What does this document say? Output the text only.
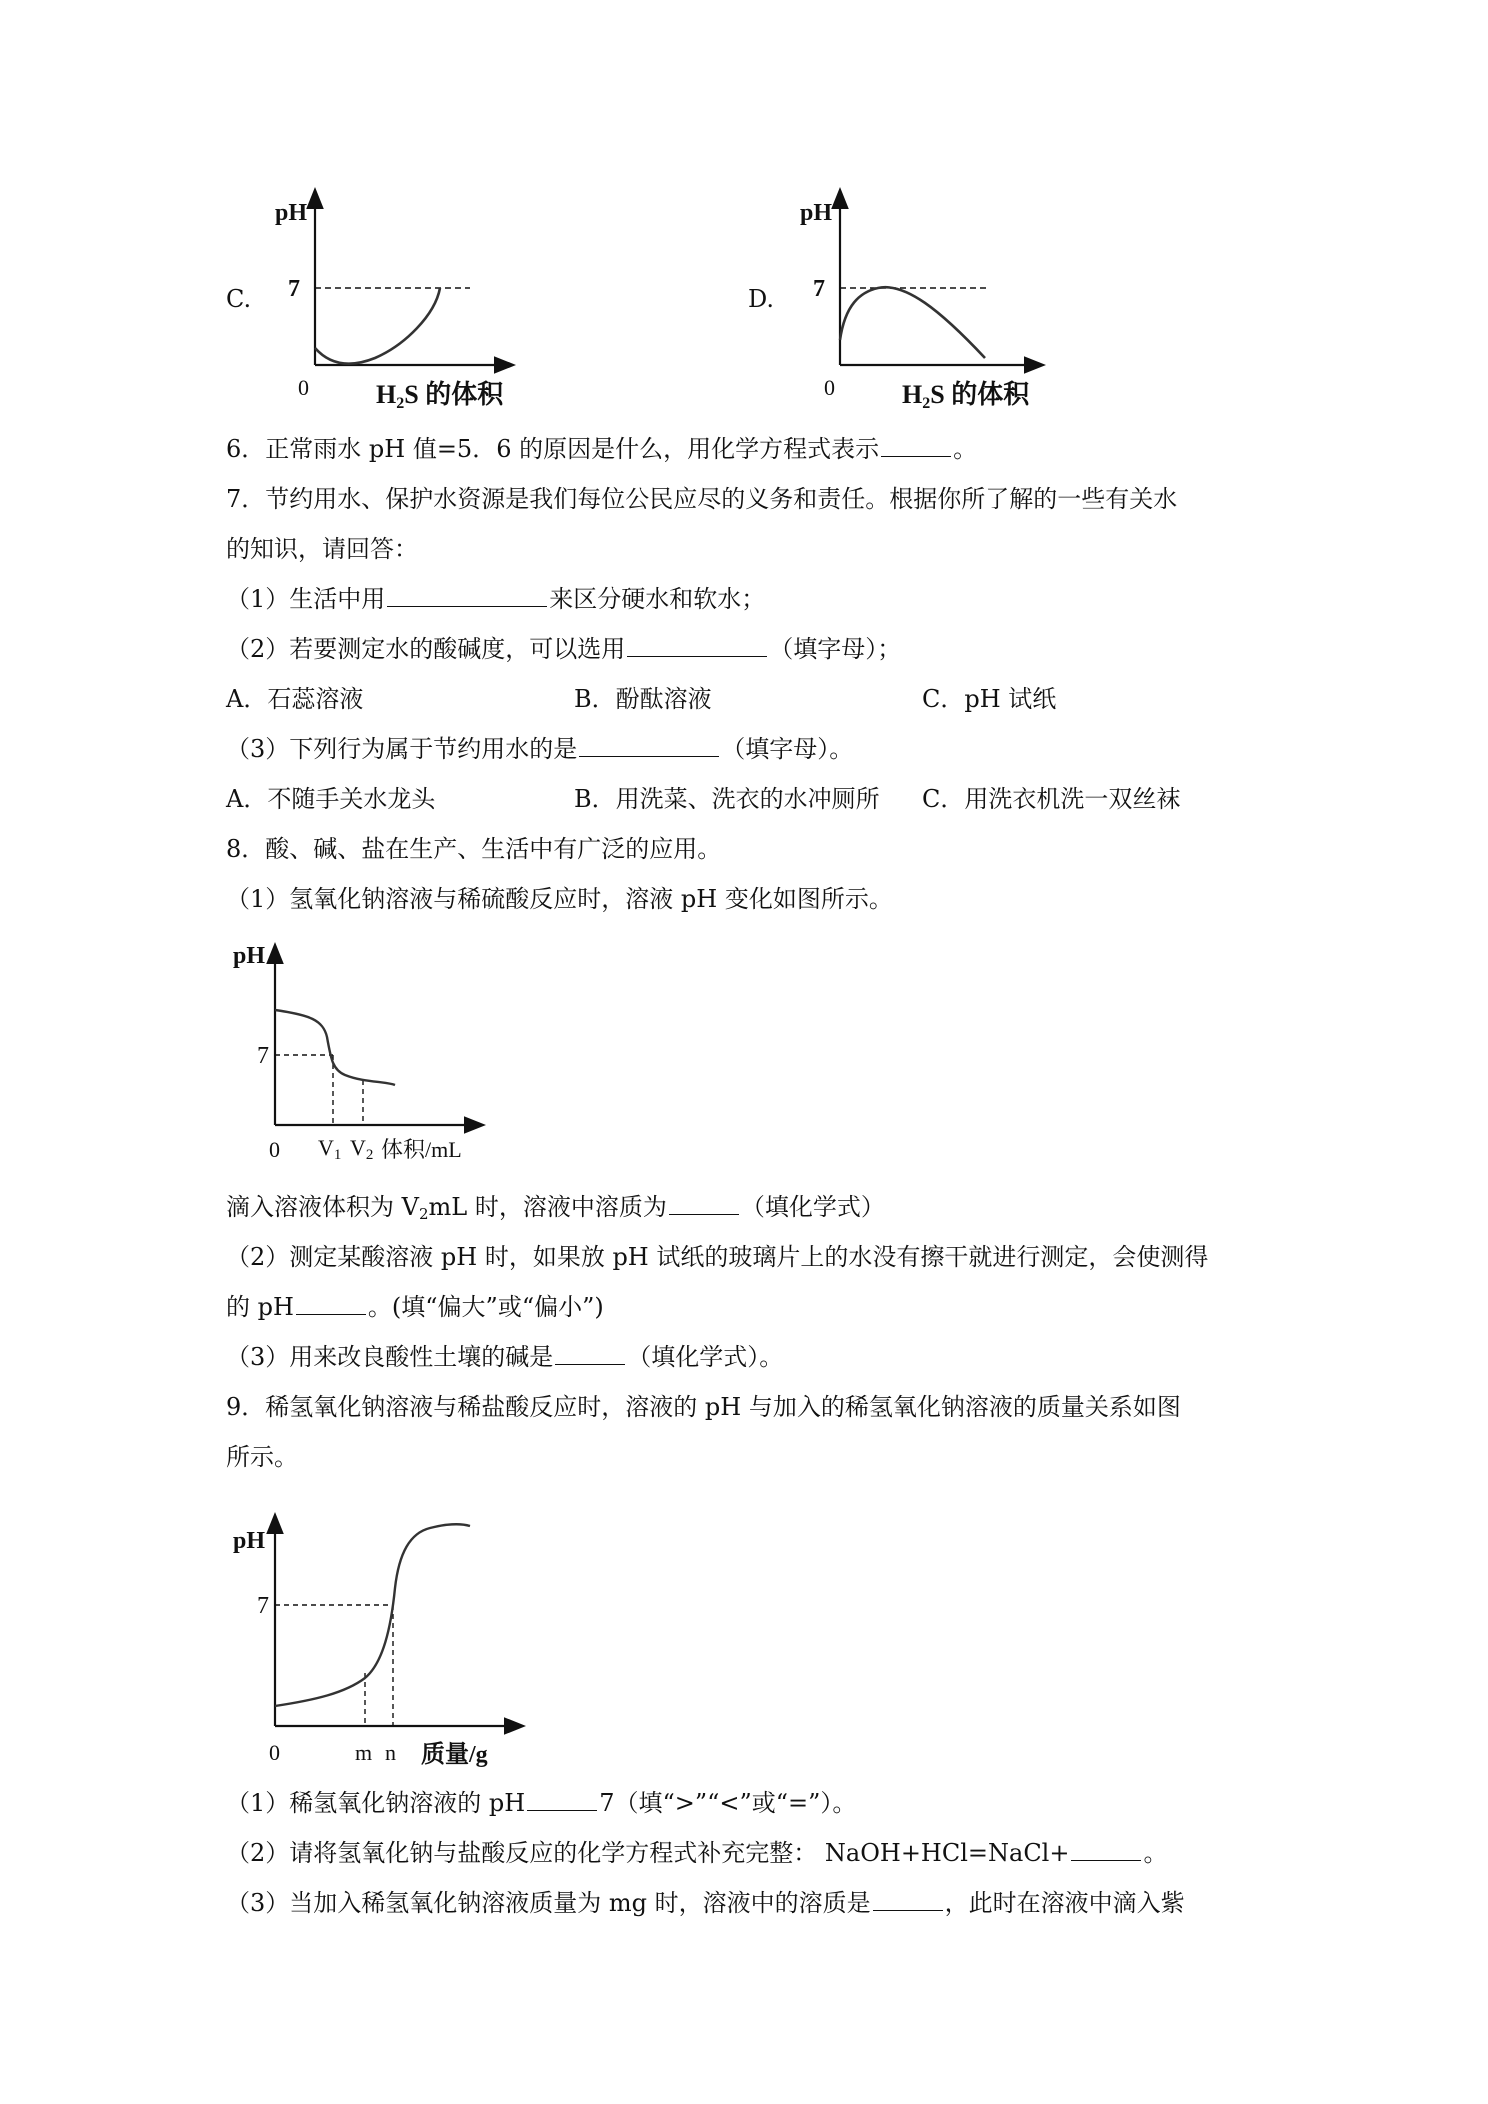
C.
pH
7
0	H2S 的体积
D.
pH
7
0	H2S 的体积
6．正常雨水 pH 值=5．6 的原因是什么，用化学方程式表示	。
7．节约用水、保护水资源是我们每位公民应尽的义务和责任。根据你所了解的一些有关水
的知识，请回答：
（1）生活中用	来区分硬水和软水；
（2）若要测定水的酸碱度，可以选用	（填字母）；
A．石蕊溶液	B．酚酞溶液	C．pH 试纸
（3）下列行为属于节约用水的是	（填字母）。
A．不随手关水龙头	B．用洗菜、洗衣的水冲厕所 C．用洗衣机洗一双丝袜
8．酸、碱、盐在生产、生活中有广泛的应用。
（1）氢氧化钠溶液与稀硫酸反应时，溶液 pH 变化如图所示。
pH
7
0 V1 V2 体积/mL
滴入溶液体积为 V2mL 时，溶液中溶质为	（填化学式）
（2）测定某酸溶液 pH 时，如果放 pH 试纸的玻璃片上的水没有擦干就进行测定，会使测得
的 pH	。(填“偏大”或“偏小”)
（3）用来改良酸性土壤的碱是	（填化学式）。
9．稀氢氧化钠溶液与稀盐酸反应时，溶液的 pH 与加入的稀氢氧化钠溶液的质量关系如图
所示。
pH
7
0	m n 质量/g
（1）稀氢氧化钠溶液的 pH	7（填“>”“<”或“=”）。
（2）请将氢氧化钠与盐酸反应的化学方程式补充完整： NaOH+HCl=NaCl+	。
（3）当加入稀氢氧化钠溶液质量为 mg 时，溶液中的溶质是	，此时在溶液中滴入紫
